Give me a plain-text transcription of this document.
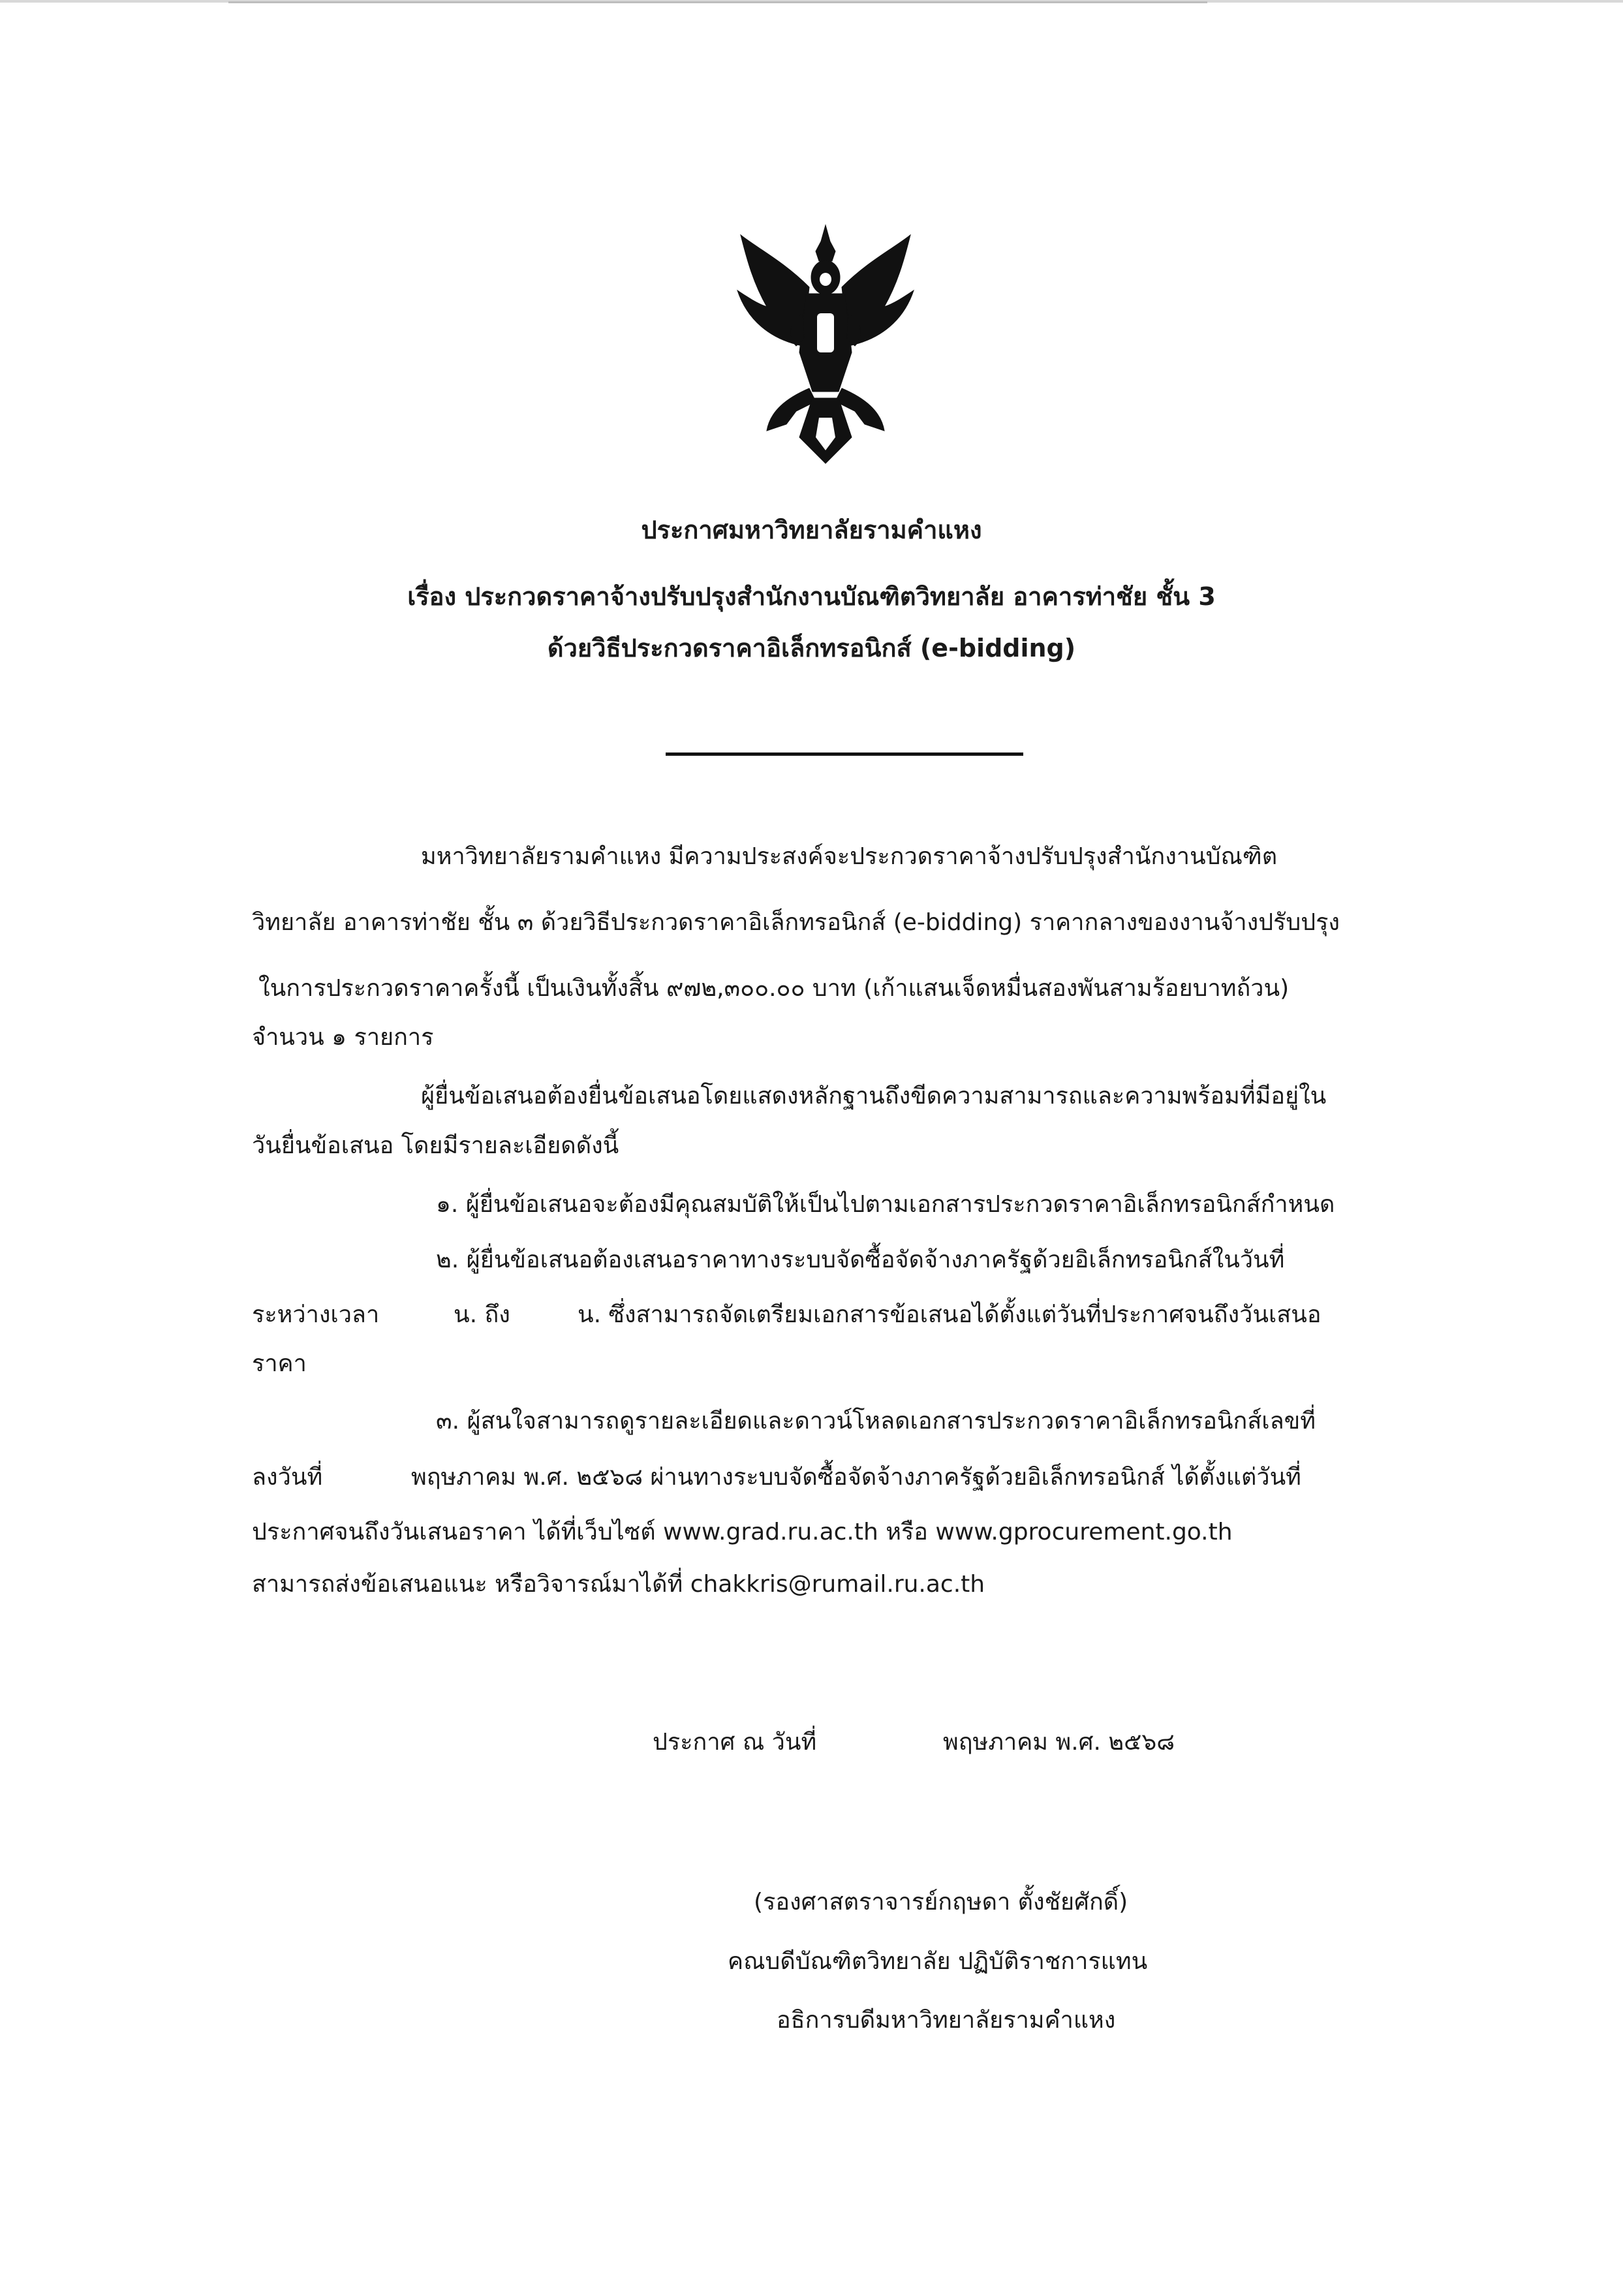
ประกาศมหาวิทยาลัยรามคำแหง
เรื่อง ประกวดราคาจ้างปรับปรุงสำนักงานบัณฑิตวิทยาลัย อาคารท่าชัย ชั้น 3
ด้วยวิธีประกวดราคาอิเล็กทรอนิกส์ (e-bidding)
มหาวิทยาลัยรามคำแหง มีความประสงค์จะประกวดราคาจ้างปรับปรุงสำนักงานบัณฑิต
วิทยาลัย อาคารท่าชัย ชั้น ๓ ด้วยวิธีประกวดราคาอิเล็กทรอนิกส์ (e-bidding) ราคากลางของงานจ้างปรับปรุง
ในการประกวดราคาครั้งนี้ เป็นเงินทั้งสิ้น ๙๗๒,๓๐๐.๐๐ บาท (เก้าแสนเจ็ดหมื่นสองพันสามร้อยบาทถ้วน)
จำนวน ๑ รายการ
ผู้ยื่นข้อเสนอต้องยื่นข้อเสนอโดยแสดงหลักฐานถึงขีดความสามารถและความพร้อมที่มีอยู่ใน
วันยื่นข้อเสนอ โดยมีรายละเอียดดังนี้
๑. ผู้ยื่นข้อเสนอจะต้องมีคุณสมบัติให้เป็นไปตามเอกสารประกวดราคาอิเล็กทรอนิกส์กำหนด
๒. ผู้ยื่นข้อเสนอต้องเสนอราคาทางระบบจัดซื้อจัดจ้างภาครัฐด้วยอิเล็กทรอนิกส์ในวันที่
ระหว่างเวลา	น. ถึง	น. ซึ่งสามารถจัดเตรียมเอกสารข้อเสนอได้ตั้งแต่วันที่ประกาศจนถึงวันเสนอ
ราคา
๓. ผู้สนใจสามารถดูรายละเอียดและดาวน์โหลดเอกสารประกวดราคาอิเล็กทรอนิกส์เลขที่
ลงวันที่	พฤษภาคม พ.ศ. ๒๕๖๘ ผ่านทางระบบจัดซื้อจัดจ้างภาครัฐด้วยอิเล็กทรอนิกส์ ได้ตั้งแต่วันที่
ประกาศจนถึงวันเสนอราคา ได้ที่เว็บไซต์ www.grad.ru.ac.th หรือ www.gprocurement.go.th
สามารถส่งข้อเสนอแนะ หรือวิจารณ์มาได้ที่ chakkris@rumail.ru.ac.th
ประกาศ ณ วันที่	พฤษภาคม พ.ศ. ๒๕๖๘
(รองศาสตราจารย์กฤษดา ตั้งชัยศักดิ์)
คณบดีบัณฑิตวิทยาลัย ปฏิบัติราชการแทน
อธิการบดีมหาวิทยาลัยรามคำแหง
